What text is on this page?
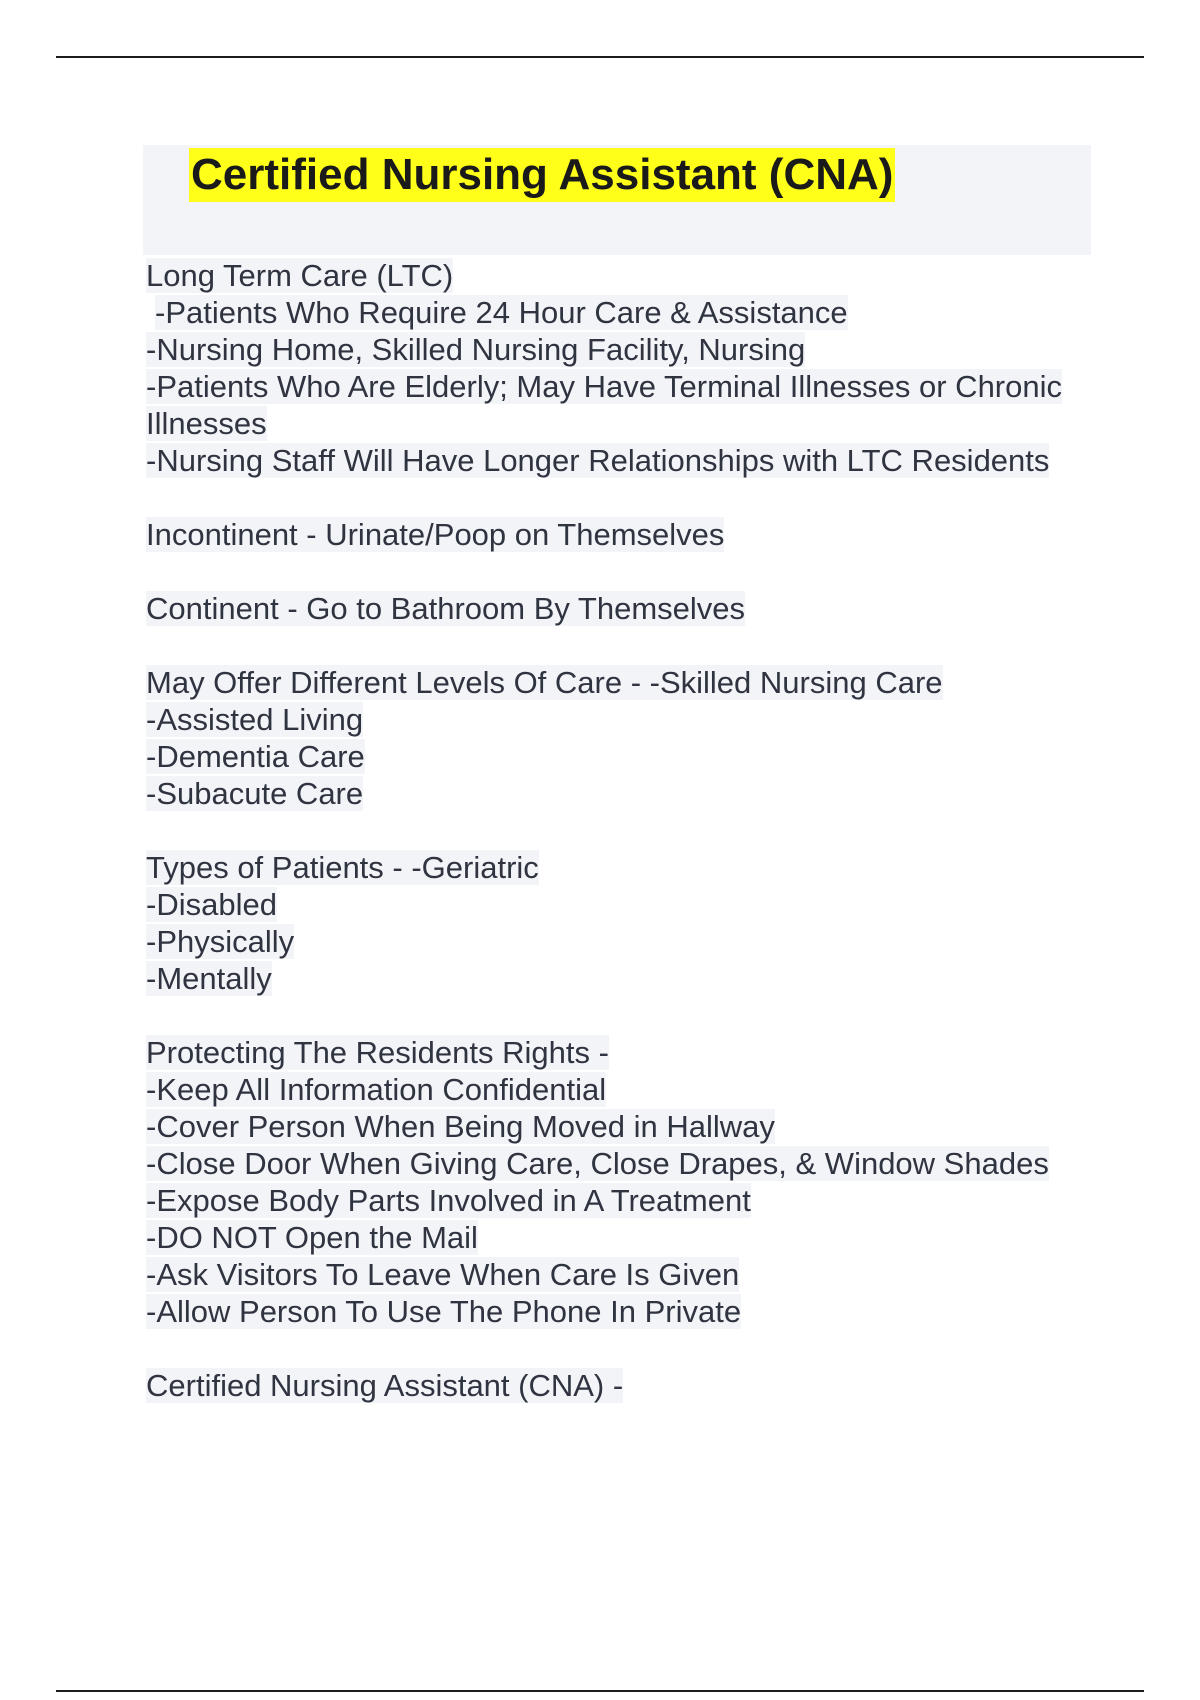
Certified Nursing Assistant (CNA)
Long Term Care (LTC)
-Patients Who Require 24 Hour Care & Assistance
-Nursing Home, Skilled Nursing Facility, Nursing
-Patients Who Are Elderly; May Have Terminal Illnesses or Chronic
Illnesses
-Nursing Staff Will Have Longer Relationships with LTC Residents
Incontinent - Urinate/Poop on Themselves
Continent - Go to Bathroom By Themselves
May Offer Different Levels Of Care - -Skilled Nursing Care
-Assisted Living
-Dementia Care
-Subacute Care
Types of Patients - -Geriatric
-Disabled
-Physically
-Mentally
Protecting The Residents Rights -
-Keep All Information Confidential
-Cover Person When Being Moved in Hallway
-Close Door When Giving Care, Close Drapes, & Window Shades
-Expose Body Parts Involved in A Treatment
-DO NOT Open the Mail
-Ask Visitors To Leave When Care Is Given
-Allow Person To Use The Phone In Private
Certified Nursing Assistant (CNA) -
